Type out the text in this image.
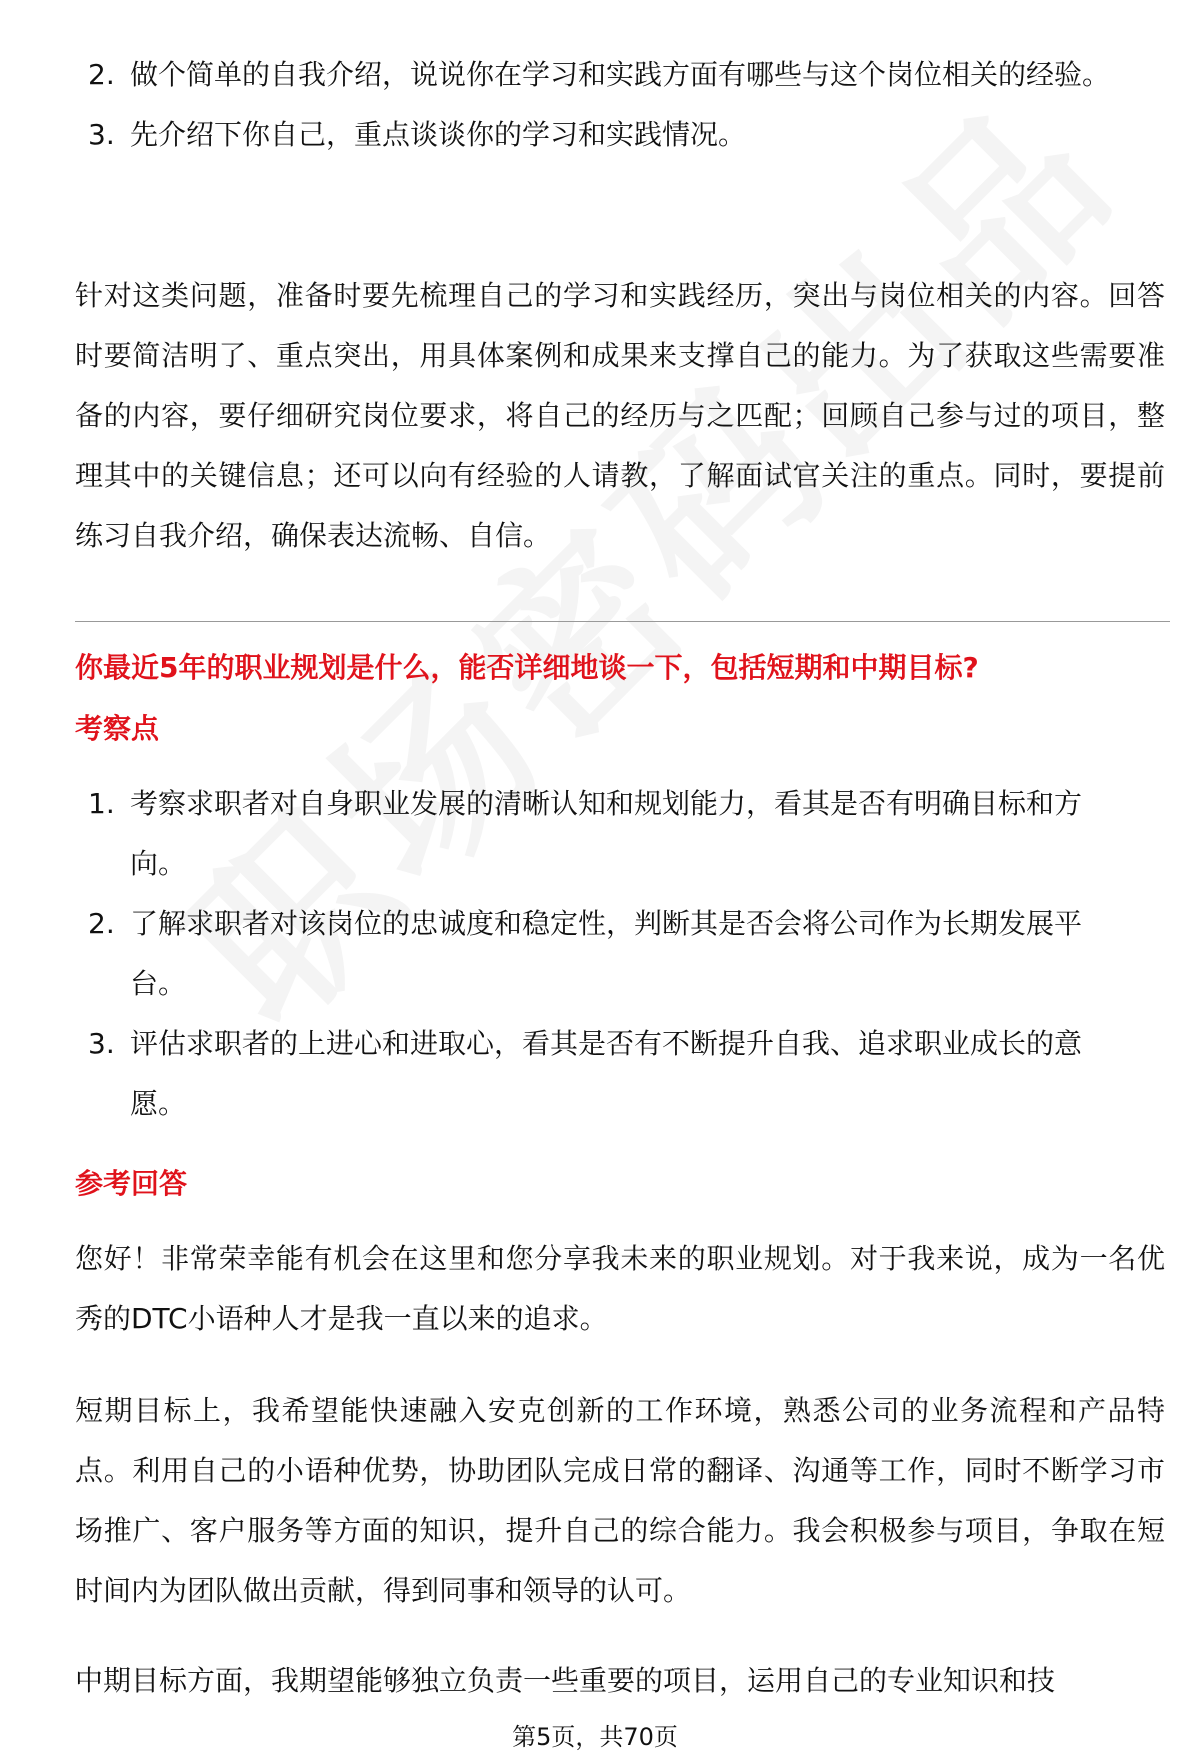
2. 做个简单的自我介绍，说说你在学习和实践方面有哪些与这个岗位相关的经验。
3. 先介绍下你自己，重点谈谈你的学习和实践情况。

针对这类问题，准备时要先梳理自己的学习和实践经历，突出与岗位相关的内容。回答时要简洁明了、重点突出，用具体案例和成果来支撑自己的能力。为了获取这些需要准备的内容，要仔细研究岗位要求，将自己的经历与之匹配；回顾自己参与过的项目，整理其中的关键信息；还可以向有经验的人请教，了解面试官关注的重点。同时，要提前练习自我介绍，确保表达流畅、自信。

你最近5年的职业规划是什么，能否详细地谈一下，包括短期和中期目标?
考察点
1. 考察求职者对自身职业发展的清晰认知和规划能力，看其是否有明确目标和方向。
2. 了解求职者对该岗位的忠诚度和稳定性，判断其是否会将公司作为长期发展平台。
3. 评估求职者的上进心和进取心，看其是否有不断提升自我、追求职业成长的意愿。
参考回答

您好！非常荣幸能有机会在这里和您分享我未来的职业规划。对于我来说，成为一名优秀的DTC小语种人才是我一直以来的追求。

短期目标上，我希望能快速融入安克创新的工作环境，熟悉公司的业务流程和产品特点。利用自己的小语种优势，协助团队完成日常的翻译、沟通等工作，同时不断学习市场推广、客户服务等方面的知识，提升自己的综合能力。我会积极参与项目，争取在短时间内为团队做出贡献，得到同事和领导的认可。

中期目标方面，我期望能够独立负责一些重要的项目，运用自己的专业知识和技

第5页，共70页
